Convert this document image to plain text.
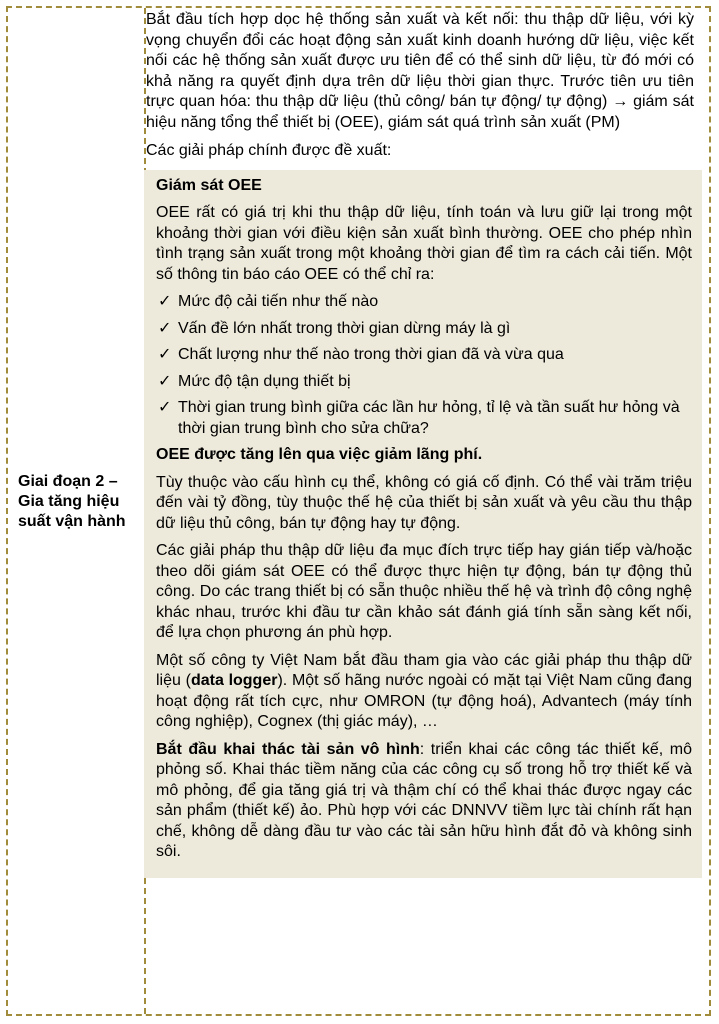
Giai đoạn 2 – Gia tăng hiệu suất vận hành

Bắt đầu tích hợp dọc hệ thống sản xuất và kết nối: thu thập dữ liệu, với kỳ vọng chuyển đổi các hoạt động sản xuất kinh doanh hướng dữ liệu, việc kết nối các hệ thống sản xuất được ưu tiên để có thể sinh dữ liệu, từ đó mới có khả năng ra quyết định dựa trên dữ liệu thời gian thực. Trước tiên ưu tiên trực quan hóa: thu thập dữ liệu (thủ công/ bán tự động/ tự động) → giám sát hiệu năng tổng thể thiết bị (OEE), giám sát quá trình sản xuất (PM)

Các giải pháp chính được đề xuất:

Giám sát OEE

OEE rất có giá trị khi thu thập dữ liệu, tính toán và lưu giữ lại trong một khoảng thời gian với điều kiện sản xuất bình thường. OEE cho phép nhìn tình trạng sản xuất trong một khoảng thời gian để tìm ra cách cải tiến. Một số thông tin báo cáo OEE có thể chỉ ra:

✓ Mức độ cải tiến như thế nào
✓ Vấn đề lớn nhất trong thời gian dừng máy là gì
✓ Chất lượng như thế nào trong thời gian đã và vừa qua
✓ Mức độ tận dụng thiết bị
✓ Thời gian trung bình giữa các lần hư hỏng, tỉ lệ và tần suất hư hỏng và thời gian trung bình cho sửa chữa?

OEE được tăng lên qua việc giảm lãng phí.

Tùy thuộc vào cấu hình cụ thể, không có giá cố định. Có thể vài trăm triệu đến vài tỷ đồng, tùy thuộc thế hệ của thiết bị sản xuất và yêu cầu thu thập dữ liệu thủ công, bán tự động hay tự động.

Các giải pháp thu thập dữ liệu đa mục đích trực tiếp hay gián tiếp và/hoặc theo dõi giám sát OEE có thể được thực hiện tự động, bán tự động thủ công. Do các trang thiết bị có sẵn thuộc nhiều thế hệ và trình độ công nghệ khác nhau, trước khi đầu tư cần khảo sát đánh giá tính sẵn sàng kết nối, để lựa chọn phương án phù hợp.

Một số công ty Việt Nam bắt đầu tham gia vào các giải pháp thu thập dữ liệu (data logger). Một số hãng nước ngoài có mặt tại Việt Nam cũng đang hoạt động rất tích cực, như OMRON (tự động hoá), Advantech (máy tính công nghiệp), Cognex (thị giác máy), …

Bắt đầu khai thác tài sản vô hình: triển khai các công tác thiết kế, mô phỏng số. Khai thác tiềm năng của các công cụ số trong hỗ trợ thiết kế và mô phỏng, để gia tăng giá trị và thậm chí có thể khai thác được ngay các sản phẩm (thiết kế) ảo. Phù hợp với các DNNVV tiềm lực tài chính rất hạn chế, không dễ dàng đầu tư vào các tài sản hữu hình đắt đỏ và không sinh sôi.
